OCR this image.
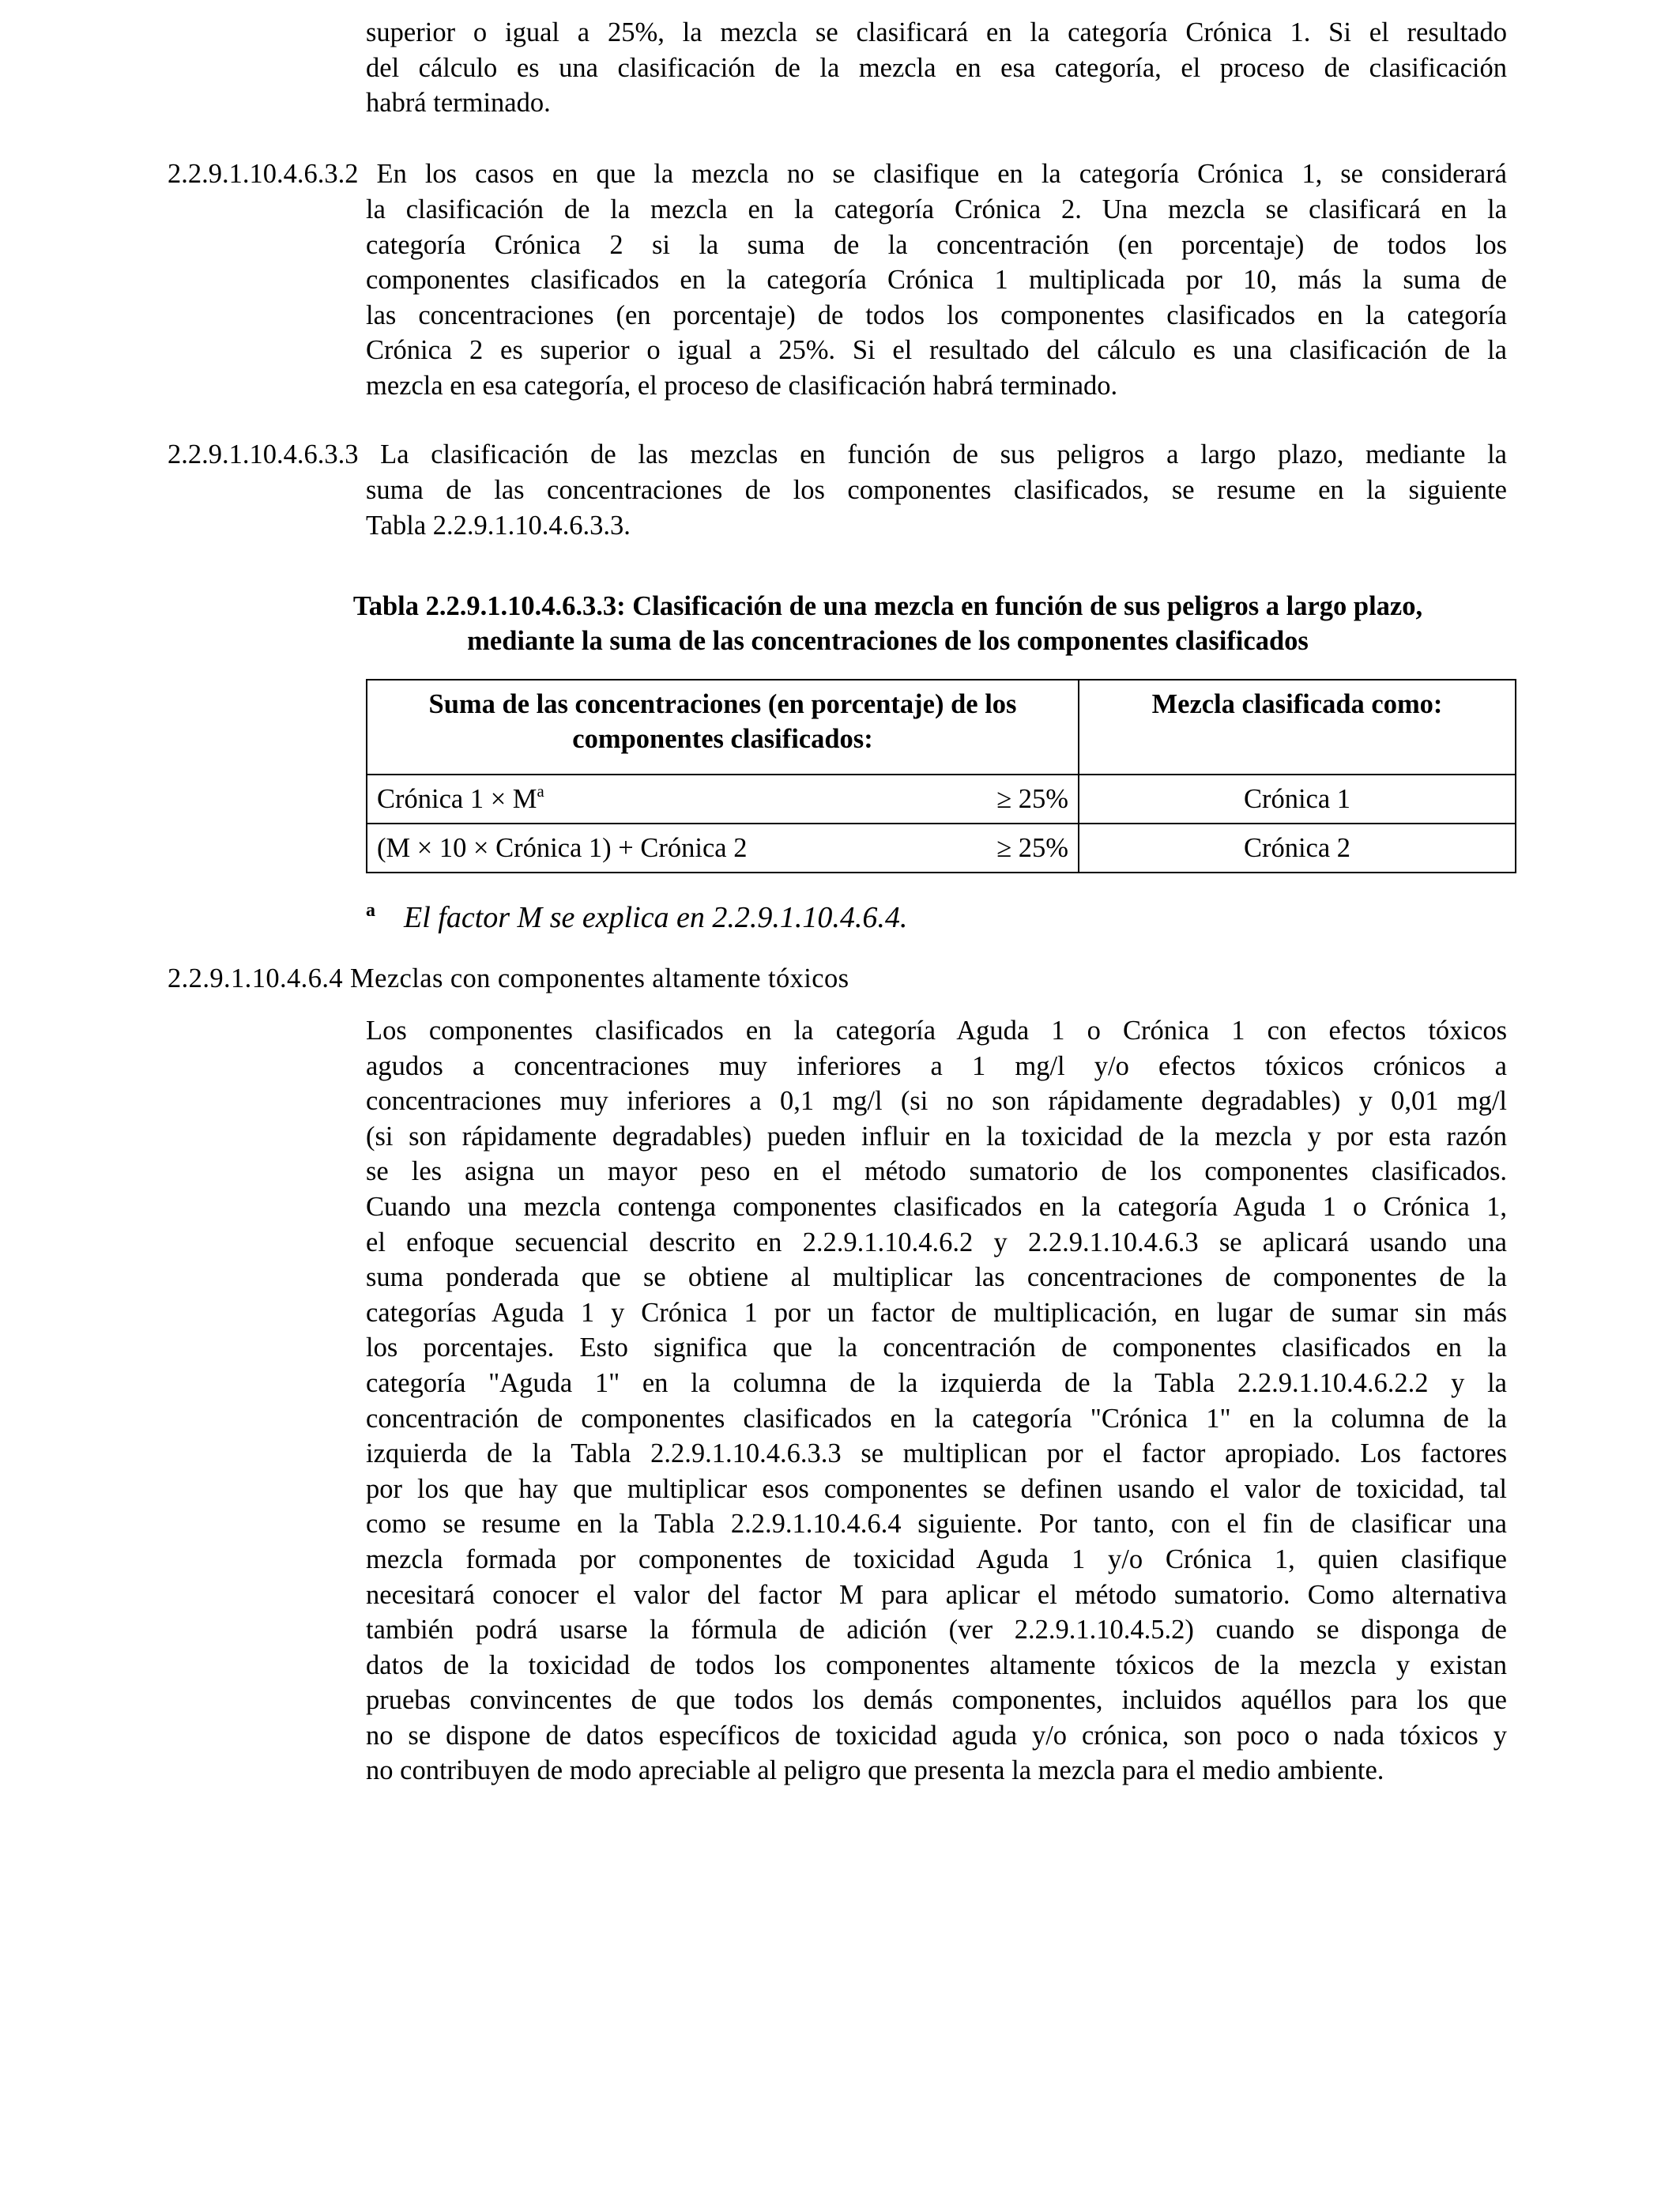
superior o igual a 25%, la mezcla se clasificará en la categoría Crónica 1. Si el resultado
del cálculo es una clasificación de la mezcla en esa categoría, el proceso de clasificación
habrá terminado.
2.2.9.1.10.4.6.3.2 En los casos en que la mezcla no se clasifique en la categoría Crónica 1, se considerará
la clasificación de la mezcla en la categoría Crónica 2. Una mezcla se clasificará en la
categoría Crónica 2 si la suma de la concentración (en porcentaje) de todos los
componentes clasificados en la categoría Crónica 1 multiplicada por 10, más la suma de
las concentraciones (en porcentaje) de todos los componentes clasificados en la categoría
Crónica 2 es superior o igual a 25%. Si el resultado del cálculo es una clasificación de la
mezcla en esa categoría, el proceso de clasificación habrá terminado.
2.2.9.1.10.4.6.3.3 La clasificación de las mezclas en función de sus peligros a largo plazo, mediante la
suma de las concentraciones de los componentes clasificados, se resume en la siguiente
Tabla 2.2.9.1.10.4.6.3.3.
Tabla 2.2.9.1.10.4.6.3.3: Clasificación de una mezcla en función de sus peligros a largo plazo,
mediante la suma de las concentraciones de los componentes clasificados
Suma de las concentraciones (en porcentaje) de los
componentes clasificados:	Mezcla clasificada como:

Crónica $1 \times M^a \ge 25\%$	Crónica 1

(M × 10 × Crónica 1) + Crónica 2 ≥ 25%	Crónica 2
$^a$ El factor M se explica en 2.2.9.1.10.4.6.4.
2.2.9.1.10.4.6.4 Mezclas con componentes altamente tóxicos
Los componentes clasificados en la categoría Aguda 1 o Crónica 1 con efectos tóxicos
agudos a concentraciones muy inferiores a 1 mg/l y/o efectos tóxicos crónicos a
concentraciones muy inferiores a 0,1 mg/l (si no son rápidamente degradables) y 0,01 mg/l
(si son rápidamente degradables) pueden influir en la toxicidad de la mezcla y por esta razón
se les asigna un mayor peso en el método sumatorio de los componentes clasificados.
Cuando una mezcla contenga componentes clasificados en la categoría Aguda 1 o Crónica 1,
el enfoque secuencial descrito en 2.2.9.1.10.4.6.2 y 2.2.9.1.10.4.6.3 se aplicará usando una
suma ponderada que se obtiene al multiplicar las concentraciones de componentes de la
categorías Aguda 1 y Crónica 1 por un factor de multiplicación, en lugar de sumar sin más
los porcentajes. Esto significa que la concentración de componentes clasificados en la
categoría "Aguda 1" en la columna de la izquierda de la Tabla 2.2.9.1.10.4.6.2.2 y la
concentración de componentes clasificados en la categoría "Crónica 1" en la columna de la
izquierda de la Tabla 2.2.9.1.10.4.6.3.3 se multiplican por el factor apropiado. Los factores
por los que hay que multiplicar esos componentes se definen usando el valor de toxicidad, tal
como se resume en la Tabla 2.2.9.1.10.4.6.4 siguiente. Por tanto, con el fin de clasificar una
mezcla formada por componentes de toxicidad Aguda 1 y/o Crónica 1, quien clasifique
necesitará conocer el valor del factor M para aplicar el método sumatorio. Como alternativa
también podrá usarse la fórmula de adición (ver 2.2.9.1.10.4.5.2) cuando se disponga de
datos de la toxicidad de todos los componentes altamente tóxicos de la mezcla y existan
pruebas convincentes de que todos los demás componentes, incluidos aquéllos para los que
no se dispone de datos específicos de toxicidad aguda y/o crónica, son poco o nada tóxicos y
no contribuyen de modo apreciable al peligro que presenta la mezcla para el medio ambiente.
